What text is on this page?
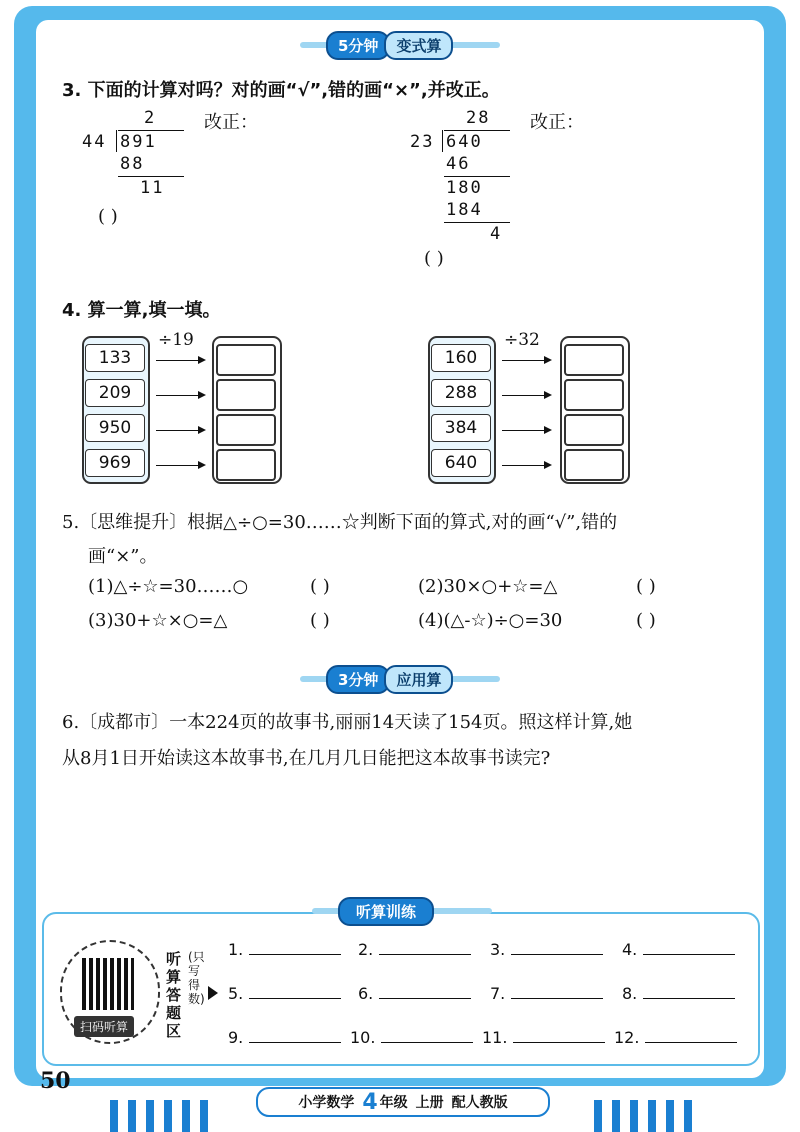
5分钟	变式算
3. 下面的计算对吗？对的画“√”,错的画“×”,并改正。
2
44 891
88
11
改正：
( )
28
23 640
46
180
184
4
改正：
( )
4. 算一算,填一填。
133
209
950
969
÷19
160
288
384
640
÷32
5.〔思维提升〕根据△÷○=30……☆判断下面的算式,对的画“√”,错的
画“×”。
(1)△÷☆=30……○	( )	(2)30×○+☆=△	( )
(3)30+☆×○=△	( )	(4)(△-☆)÷○=30	( )
3分钟	应用算
6.〔成都市〕一本224页的故事书,丽丽14天读了154页。照这样计算,她
从8月1日开始读这本故事书,在几月几日能把这本故事书读完?
听算训练
扫码听算
听算答题区
(只写得数)
1.	2.	3.	4.
5.	6.	7.	8.
9.	10.	11.	12.
50
小学数学 4 年级 上册 配人教版
